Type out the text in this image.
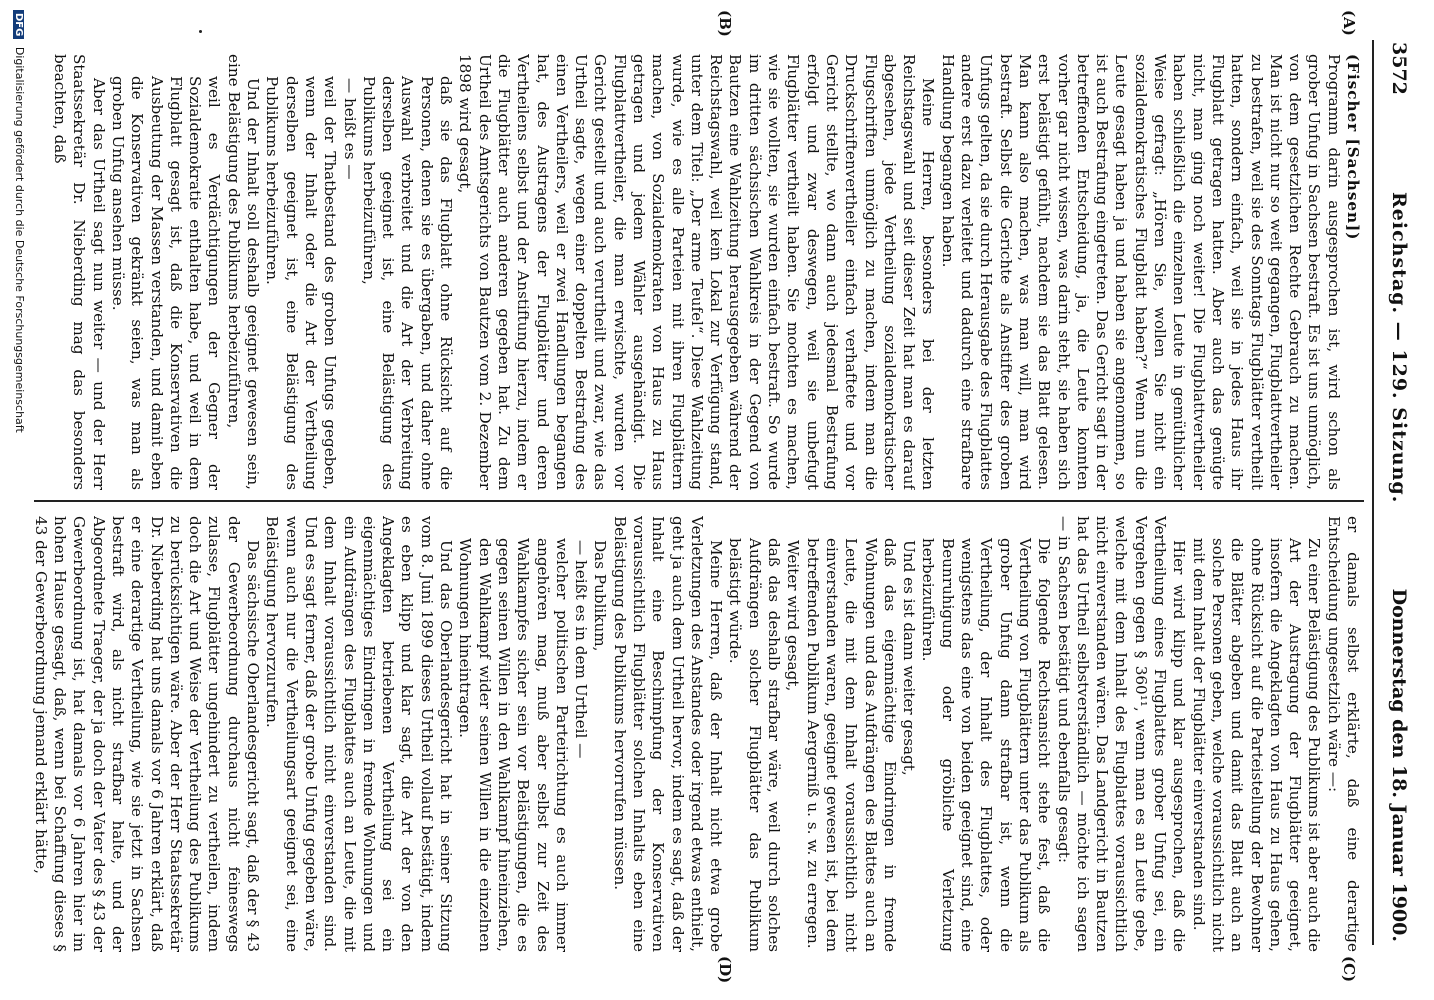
3572
Reichstag. — 129. Sitzung.
Donnerstag den 18. Januar 1900.
(A)
(B)
(C)
(D)

(Fischer [Sachsen])

Programm darin ausgesprochen ist, wird schon als grober Unfug in Sachsen bestraft. Es ist uns unmöglich, von dem gesetzlichen Rechte Gebrauch zu machen. Man ist nicht nur so weit gegangen, Flugblattvertheiler zu bestrafen, weil sie des Sonntags Flugblätter vertheilt hatten, sondern einfach, weil sie in jedes Haus ihr Flugblatt getragen hatten. Aber auch das genügte nicht, man ging noch weiter! Die Flugblattvertheiler haben schließlich die einzelnen Leute in gemüthlicher Weise gefragt: „Hören Sie, wollen Sie nicht ein sozialdemokratisches Flugblatt haben?“ Wenn nun die Leute gesagt haben ja und haben sie angenommen, so ist auch Bestrafung eingetreten. Das Gericht sagt in der betreffenden Entscheidung, ja, die Leute konnten vorher gar nicht wissen, was darin steht, sie haben sich erst belästigt gefühlt, nachdem sie das Blatt gelesen. Man kann also machen, was man will, man wird bestraft. Selbst die Gerichte als Anstifter des groben Unfugs gelten, da sie durch Herausgabe des Flugblattes andere erst dazu verleitet und dadurch eine strafbare Handlung begangen haben.

Meine Herren, besonders bei der letzten Reichstagswahl und seit dieser Zeit hat man es darauf abgesehen, jede Vertheilung sozialdemokratischer Flugschriften unmöglich zu machen, indem man die Druckschriftenvertheiler einfach verhaftete und vor Gericht stellte, wo dann auch jedesmal Bestrafung erfolgt und zwar deswegen, weil sie unbefugt Flugblätter vertheilt haben. Sie mochten es machen, wie sie wollten, sie wurden einfach bestraft. So wurde im dritten sächsischen Wahlkreis in der Gegend von Bautzen eine Wahlzeitung herausgegeben während der Reichstagswahl, weil kein Lokal zur Verfügung stand, unter dem Titel: „Der arme Teufel“. Diese Wahlzeitung wurde, wie es alle Parteien mit ihren Flugblättern machen, von Sozialdemokraten von Haus zu Haus getragen und jedem Wähler ausgehändigt. Die Flugblattvertheiler, die man erwischte, wurden vor Gericht gestellt und auch verurtheilt und zwar, wie das Urtheil sagte, wegen einer doppelten Bestrafung des einen Vertheilers, weil er zwei Handlungen begangen hat, des Austragens der Flugblätter und deren Vertheilens selbst und der Anstiftung hierzu, indem er die Flugblätter auch anderen gegeben hat. Zu dem Urtheil des Amtsgerichts von Bautzen vom 2. Dezember 1898 wird gesagt,

daß sie das Flugblatt ohne Rücksicht auf die Personen, denen sie es übergaben, und daher ohne Auswahl verbreitet und die Art der Verbreitung derselben geeignet ist, eine Belästigung des Publikums herbeizuführen,

— heißt es —

weil der Thatbestand des groben Unfugs gegeben, wenn der Inhalt oder die Art der Vertheilung derselben geeignet ist, eine Belästigung des Publikums herbeizuführen.

Und der Inhalt soll deshalb geeignet gewesen sein, eine Belästigung des Publikums herbeizuführen,

weil es Verdächtigungen der Gegner der Sozialdemokratie enthalten habe, und weil in dem Flugblatt gesagt ist, daß die Konservativen die Ausbeutung der Massen verstanden, und damit eben die Konservativen gekränkt seien, was man als groben Unfug ansehen müsse.

Aber das Urtheil sagt nun weiter — und der Herr Staatssekretär Dr. Nieberding mag das besonders beachten, daß

er damals selbst erklärte, daß eine derartige Entscheidung ungesetzlich wäre —:

Zu einer Belästigung des Publikums ist aber auch die Art der Austragung der Flugblätter geeignet, insofern die Angeklagten von Haus zu Haus gehen, ohne Rücksicht auf die Parteistellung der Bewohner die Blätter abgeben und damit das Blatt auch an solche Personen geben, welche voraussichtlich nicht mit dem Inhalt der Flugblätter einverstanden sind.

Hier wird klipp und klar ausgesprochen, daß die Vertheilung eines Flugblattes grober Unfug sei, ein Vergehen gegen § 360¹¹, wenn man es an Leute gebe, welche mit dem Inhalt des Flugblattes voraussichtlich nicht einverstanden wären. Das Landgericht in Bautzen hat das Urtheil selbstverständlich — möchte ich sagen — in Sachsen bestätigt und ebenfalls gesagt:

Die folgende Rechtsansicht stehe fest, daß die Vertheilung von Flugblättern unter das Publikum als grober Unfug dann strafbar ist, wenn die Vertheilung, der Inhalt des Flugblattes, oder wenigstens das eine von beiden geeignet sind, eine Beunruhigung oder gröbliche Verletzung herbeizuführen.

Und es ist dann weiter gesagt,

daß das eigenmächtige Eindringen in fremde Wohnungen und das Aufdrängen des Blattes auch an Leute, die mit dem Inhalt voraussichtlich nicht einverstanden waren, geeignet gewesen ist, bei dem betreffenden Publikum Aergerniß u. s. w. zu erregen.

Weiter wird gesagt,

daß das deshalb strafbar wäre, weil durch solches Aufdrängen solcher Flugblätter das Publikum belästigt würde.

Meine Herren, daß der Inhalt nicht etwa grobe Verletzungen des Anstandes oder irgend etwas enthielt, geht ja auch dem Urtheil hervor, indem es sagt, daß der Inhalt eine Beschimpfung der Konservativen voraussichtlich Flugblätter solchen Inhalts eben eine Belästigung des Publikums hervorrufen müssen.

Das Publikum,

— heißt es in dem Urtheil —

welcher politischen Parteirichtung es auch immer angehören mag, muß aber selbst zur Zeit des Wahlkampfes sicher sein vor Belästigungen, die es gegen seinen Willen in den Wahlkampf hineinziehen, den Wahlkampf wider seinen Willen in die einzelnen Wohnungen hineintragen.

Und das Oberlandesgericht hat in seiner Sitzung vom 8. Juni 1899 dieses Urtheil vollauf bestätigt, indem es eben klipp und klar sagt, die Art der von den Angeklagten betriebenen Vertheilung sei ein eigenmächtiges Eindringen in fremde Wohnungen und ein Aufdrängen des Flugblattes auch an Leute, die mit dem Inhalt voraussichtlich nicht einverstanden sind. Und es sagt ferner, daß der grobe Unfug gegeben wäre, wenn auch nur die Vertheilungsart geeignet sei, eine Belästigung hervorzurufen.

Das sächsische Oberlandesgericht sagt, daß der § 43 der Gewerbeordnung durchaus nicht feineswegs zulasse, Flugblätter ungehindert zu vertheilen, indem doch die Art und Weise der Vertheilung des Publikums zu berücksichtigen wäre. Aber der Herr Staatssekretär Dr. Nieberding hat uns damals vor 6 Jahren erklärt, daß er eine derartige Vertheilung, wie sie jetzt in Sachsen bestraft wird, als nicht strafbar halte, und der Abgeordnete Traeger, der ja doch der Vater des § 43 der Gewerbeordnung ist, hat damals vor 6 Jahren hier im hohen Hause gesagt, daß, wenn bei Schaffung dieses § 43 der Gewerbeordnung jemand erklärt hätte,

DFG Digitalisierung gefördert durch die Deutsche Forschungsgemeinschaft
